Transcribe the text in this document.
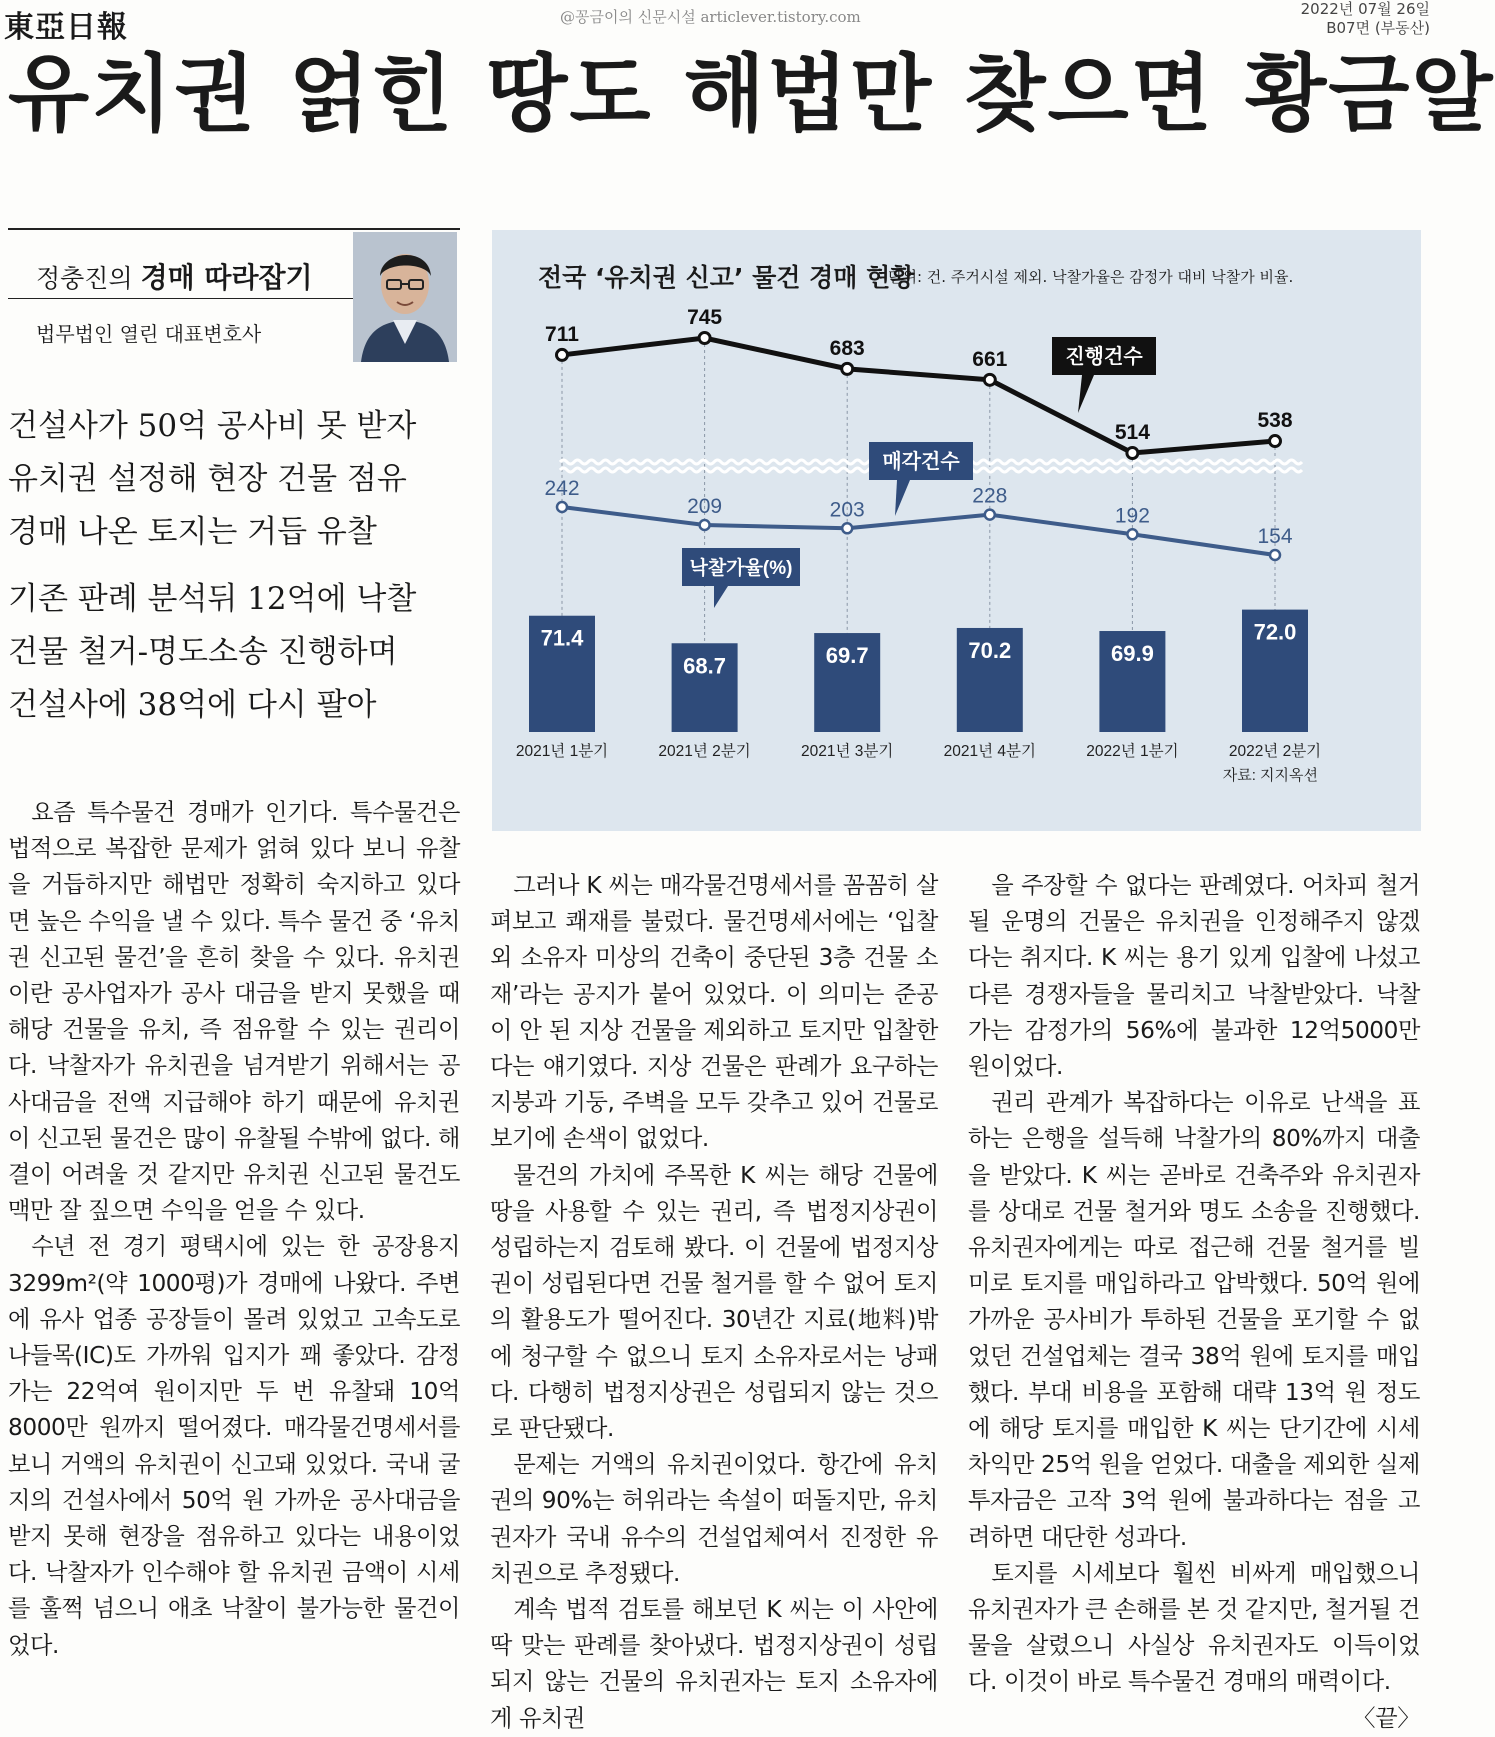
東亞日報	@꽁금이의 신문시설 articlever.tistory.com	2022년 07월 26일
B07면 (부동산)
유치권 얽힌 땅도 해법만 찾으면 황금알
정충진의 경매 따라잡기
법무법인 열린 대표변호사
건설사가 50억 공사비 못 받자
유치권 설정해 현장 건물 점유
경매 나온 토지는 거듭 유찰
기존 판례 분석뒤 12억에 낙찰
건물 철거-명도소송 진행하며
건설사에 38억에 다시 팔아
71.4
68.7	69.7	70.2	69.9
72.0
711
745
683	661
514
538
242
209	203
228
192
154
진행건수
매각건수
낙찰가율(%)
2021년 1분기	2021년 2분기	2021년 3분기	2021년 4분기	2022년 1분기	2022년 2분기
자료: 지지옥션
전국 ‘유치권 신고’ 물건 경매 현황
단위: 건. 주거시설 제외. 낙찰가율은 감정가 대비 낙찰가 비율.

요즘 특수물건 경매가 인기다. 특수물건은 법적으로 복잡한 문제가 얽혀 있다 보니 유찰을 거듭하지만 해법만 정확히 숙지하고 있다면 높은 수익을 낼 수 있다. 특수 물건 중 ‘유치권 신고된 물건’을 흔히 찾을 수 있다. 유치권이란 공사업자가 공사 대금을 받지 못했을 때 해당 건물을 유치, 즉 점유할 수 있는 권리이다. 낙찰자가 유치권을 넘겨받기 위해서는 공사대금을 전액 지급해야 하기 때문에 유치권이 신고된 물건은 많이 유찰될 수밖에 없다. 해결이 어려울 것 같지만 유치권 신고된 물건도 맥만 잘 짚으면 수익을 얻을 수 있다.

수년 전 경기 평택시에 있는 한 공장용지 3299m²(약 1000평)가 경매에 나왔다. 주변에 유사 업종 공장들이 몰려 있었고 고속도로 나들목(IC)도 가까워 입지가 꽤 좋았다. 감정가는 22억여 원이지만 두 번 유찰돼 10억8000만 원까지 떨어졌다. 매각물건명세서를 보니 거액의 유치권이 신고돼 있었다. 국내 굴지의 건설사에서 50억 원 가까운 공사대금을 받지 못해 현장을 점유하고 있다는 내용이었다. 낙찰자가 인수해야 할 유치권 금액이 시세를 훌쩍 넘으니 애초 낙찰이 불가능한 물건이었다.

그러나 K 씨는 매각물건명세서를 꼼꼼히 살펴보고 쾌재를 불렀다. 물건명세서에는 ‘입찰 외 소유자 미상의 건축이 중단된 3층 건물 소재’라는 공지가 붙어 있었다. 이 의미는 준공이 안 된 지상 건물을 제외하고 토지만 입찰한다는 얘기였다. 지상 건물은 판례가 요구하는 지붕과 기둥, 주벽을 모두 갖추고 있어 건물로 보기에 손색이 없었다.

물건의 가치에 주목한 K 씨는 해당 건물에 땅을 사용할 수 있는 권리, 즉 법정지상권이 성립하는지 검토해 봤다. 이 건물에 법정지상권이 성립된다면 건물 철거를 할 수 없어 토지의 활용도가 떨어진다. 30년간 지료(地料)밖에 청구할 수 없으니 토지 소유자로서는 낭패다. 다행히 법정지상권은 성립되지 않는 것으로 판단됐다.

문제는 거액의 유치권이었다. 항간에 유치권의 90%는 허위라는 속설이 떠돌지만, 유치권자가 국내 유수의 건설업체여서 진정한 유치권으로 추정됐다.

계속 법적 검토를 해보던 K 씨는 이 사안에 딱 맞는 판례를 찾아냈다. 법정지상권이 성립되지 않는 건물의 유치권자는 토지 소유자에게 유치권

을 주장할 수 없다는 판례였다. 어차피 철거될 운명의 건물은 유치권을 인정해주지 않겠다는 취지다. K 씨는 용기 있게 입찰에 나섰고 다른 경쟁자들을 물리치고 낙찰받았다. 낙찰가는 감정가의 56%에 불과한 12억5000만 원이었다.

권리 관계가 복잡하다는 이유로 난색을 표하는 은행을 설득해 낙찰가의 80%까지 대출을 받았다. K 씨는 곧바로 건축주와 유치권자를 상대로 건물 철거와 명도 소송을 진행했다. 유치권자에게는 따로 접근해 건물 철거를 빌미로 토지를 매입하라고 압박했다. 50억 원에 가까운 공사비가 투하된 건물을 포기할 수 없었던 건설업체는 결국 38억 원에 토지를 매입했다. 부대 비용을 포함해 대략 13억 원 정도에 해당 토지를 매입한 K 씨는 단기간에 시세차익만 25억 원을 얻었다. 대출을 제외한 실제 투자금은 고작 3억 원에 불과하다는 점을 고려하면 대단한 성과다.

토지를 시세보다 훨씬 비싸게 매입했으니 유치권자가 큰 손해를 본 것 같지만, 철거될 건물을 살렸으니 사실상 유치권자도 이득이었다. 이것이 바로 특수물건 경매의 매력이다.
〈끝〉
